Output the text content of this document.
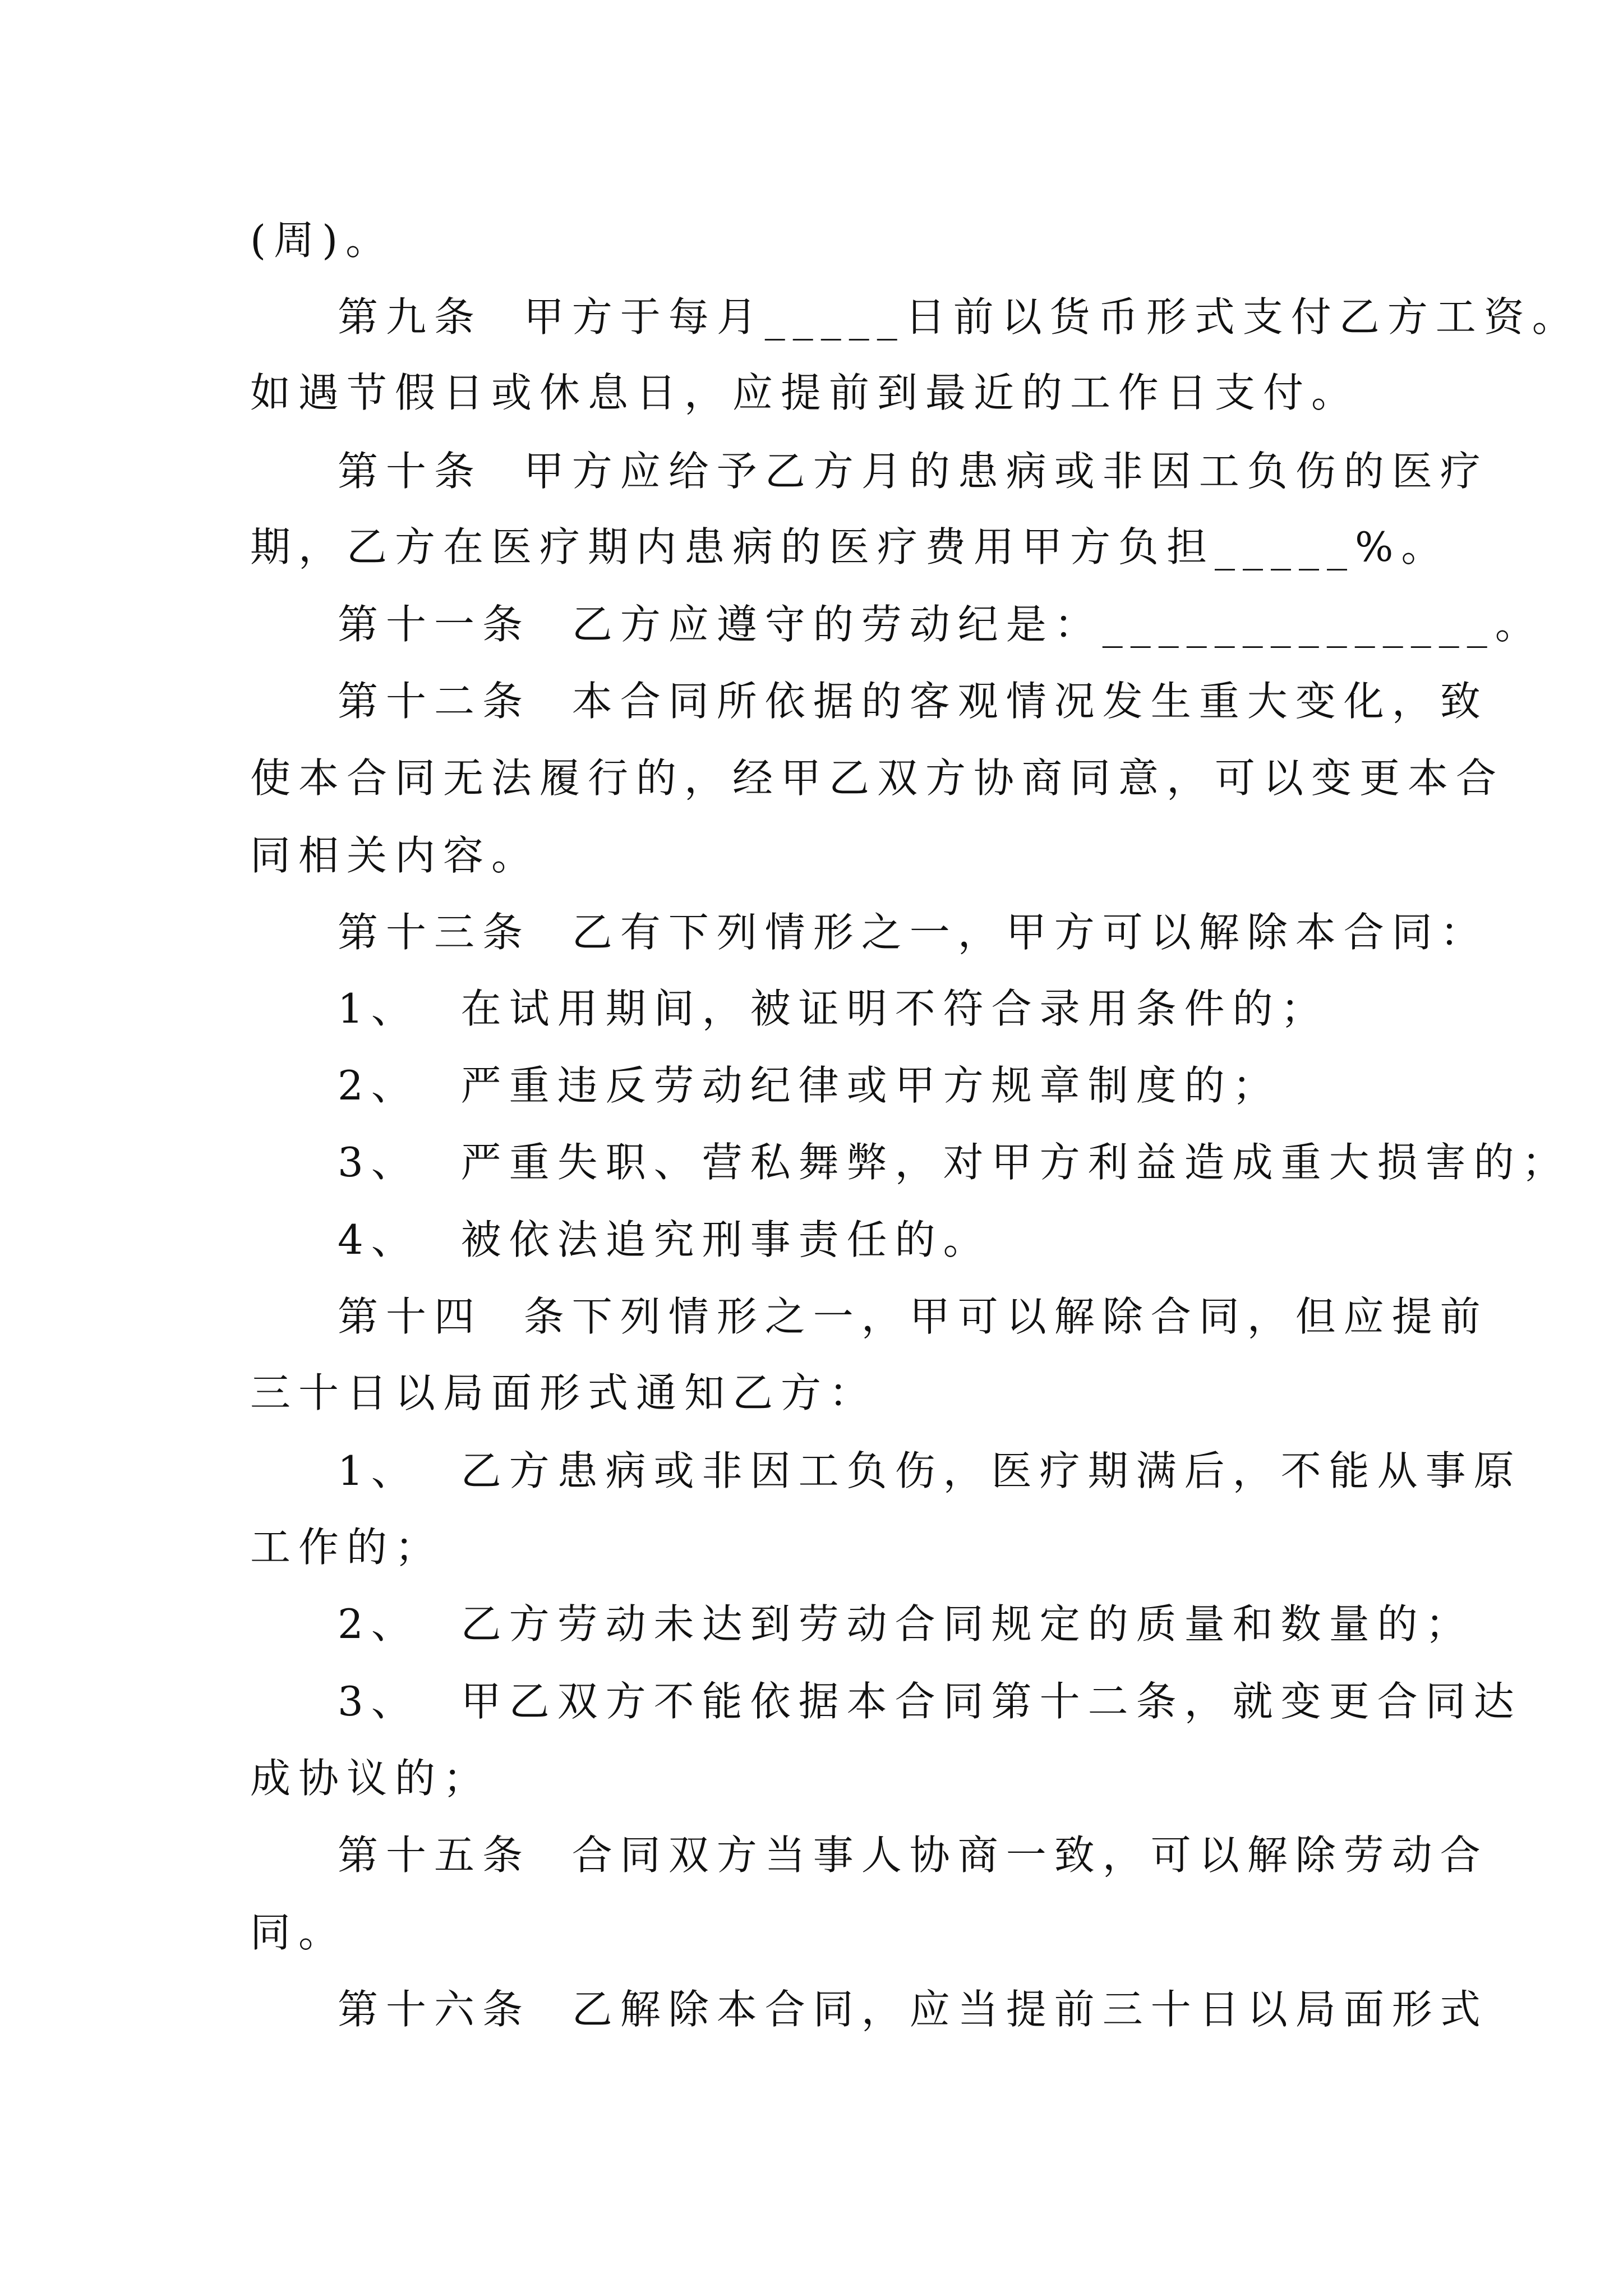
(周)。
第九条  甲方于每月_____日前以货币形式支付乙方工资。
如遇节假日或休息日，应提前到最近的工作日支付。
第十条  甲方应给予乙方月的患病或非因工负伤的医疗
期，乙方在医疗期内患病的医疗费用甲方负担_____%。
第十一条  乙方应遵守的劳动纪是：______________。
第十二条  本合同所依据的客观情况发生重大变化，致
使本合同无法履行的，经甲乙双方协商同意，可以变更本合
同相关内容。
第十三条  乙有下列情形之一，甲方可以解除本合同：
1、  在试用期间，被证明不符合录用条件的；
2、  严重违反劳动纪律或甲方规章制度的；
3、  严重失职、营私舞弊，对甲方利益造成重大损害的；
4、  被依法追究刑事责任的。
第十四  条下列情形之一，甲可以解除合同，但应提前
三十日以局面形式通知乙方：
1、  乙方患病或非因工负伤，医疗期满后，不能从事原
工作的；
2、  乙方劳动未达到劳动合同规定的质量和数量的；
3、  甲乙双方不能依据本合同第十二条，就变更合同达
成协议的；
第十五条  合同双方当事人协商一致，可以解除劳动合
同。
第十六条  乙解除本合同，应当提前三十日以局面形式
